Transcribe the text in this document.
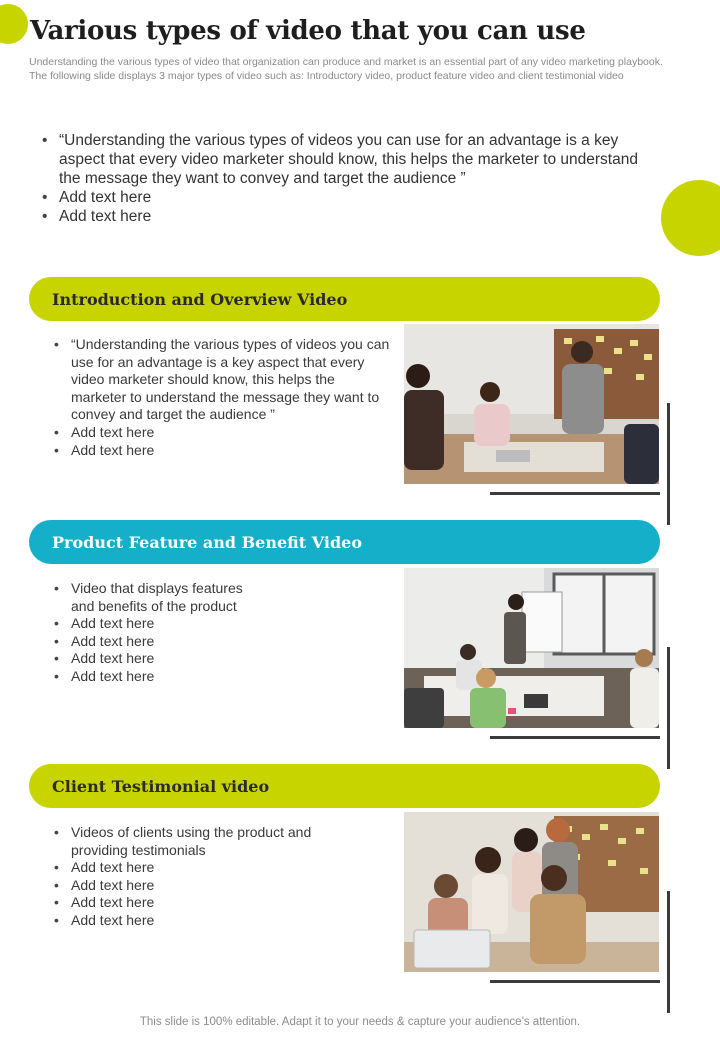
Various types of video that you can use

Understanding the various types of video that organization can produce and market is an essential part of any video marketing playbook. The following slide displays 3 major types of video such as: Introductory video, product feature video and client testimonial video

• “Understanding the various types of videos you can use for an advantage is a key aspect that every video marketer should know, this helps the marketer to understand the message they want to convey and target the audience ”
• Add text here
• Add text here
Introduction and Overview Video
• “Understanding the various types of videos you can use for an advantage is a key aspect that every video marketer should know, this helps the marketer to understand the message they want to convey and target the audience ”
• Add text here
• Add text here
Product Feature and Benefit Video
• Video that displays features and benefits of the product
• Add text here
• Add text here
• Add text here
• Add text here
Client Testimonial video
• Videos of clients using the product and providing testimonials
• Add text here
• Add text here
• Add text here
• Add text here

This slide is 100% editable. Adapt it to your needs & capture your audience’s attention.
